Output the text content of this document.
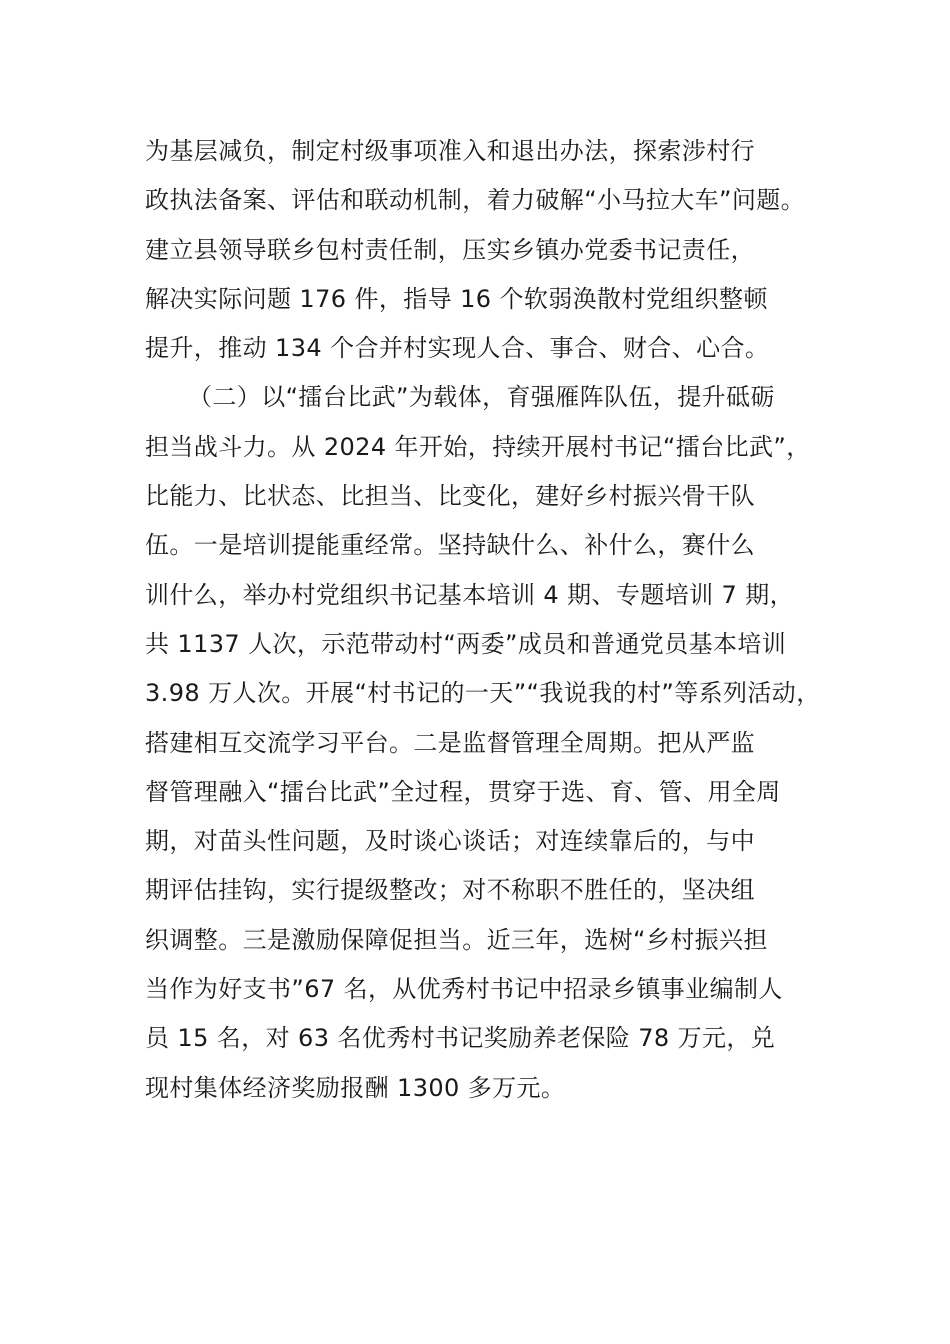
为基层减负，制定村级事项准入和退出办法，探索涉村行
政执法备案、评估和联动机制，着力破解“小马拉大车”问题。
建立县领导联乡包村责任制，压实乡镇办党委书记责任，
解决实际问题 176 件，指导 16 个软弱涣散村党组织整顿
提升，推动 134 个合并村实现人合、事合、财合、心合。
（二）以“擂台比武”为载体，育强雁阵队伍，提升砥砺
担当战斗力。从 2024 年开始，持续开展村书记“擂台比武”，
比能力、比状态、比担当、比变化，建好乡村振兴骨干队
伍。一是培训提能重经常。坚持缺什么、补什么，赛什么
训什么，举办村党组织书记基本培训 4 期、专题培训 7 期，
共 1137 人次，示范带动村“两委”成员和普通党员基本培训
3.98 万人次。开展“村书记的一天”“我说我的村”等系列活动，
搭建相互交流学习平台。二是监督管理全周期。把从严监
督管理融入“擂台比武”全过程，贯穿于选、育、管、用全周
期，对苗头性问题，及时谈心谈话；对连续靠后的，与中
期评估挂钩，实行提级整改；对不称职不胜任的，坚决组
织调整。三是激励保障促担当。近三年，选树“乡村振兴担
当作为好支书”67 名，从优秀村书记中招录乡镇事业编制人
员 15 名，对 63 名优秀村书记奖励养老保险 78 万元，兑
现村集体经济奖励报酬 1300 多万元。
